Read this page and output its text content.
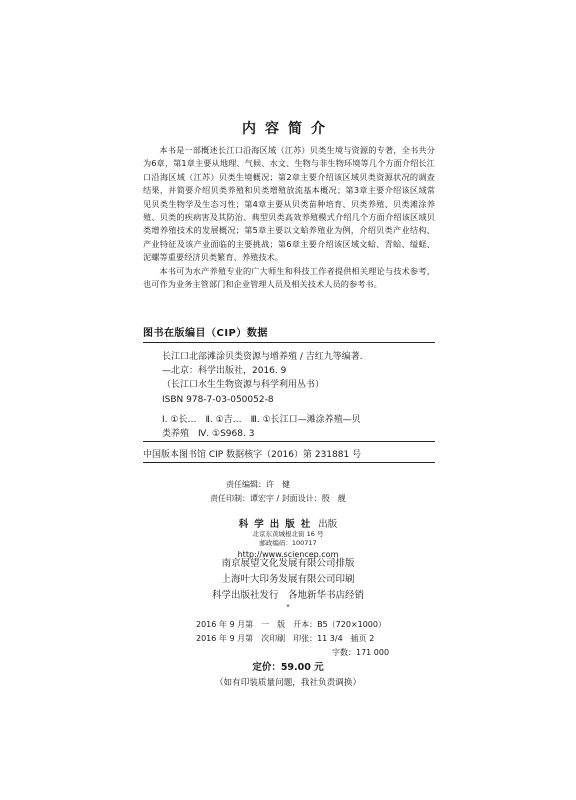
内容简介

本书是一部概述长江口沿海区域（江苏）贝类生境与资源的专著，全书共分为6章，第1章主要从地理、气候、水文、生物与非生物环境等几个方面介绍长江口沿海区域（江苏）贝类生境概况；第2章主要介绍该区域贝类资源状况的调查结果，并简要介绍贝类养殖和贝类增殖放流基本概况；第3章主要介绍该区域常见贝类生物学及生态习性；第4章主要从贝类苗种培育、贝类养殖、贝类滩涂养殖、贝类的疾病害及其防治、典型贝类高效养殖模式介绍几个方面介绍该区域贝类增养殖技术的发展概况；第5章主要以文蛤养殖业为例，介绍贝类产业结构、产业特征及该产业面临的主要挑战；第6章主要介绍该区域文蛤、青蛤、缢蛏、泥螺等重要经济贝类繁育、养殖技术。

本书可为水产养殖专业的广大师生和科技工作者提供相关理论与技术参考，也可作为业务主管部门和企业管理人员及相关技术人员的参考书。

图书在版编目（CIP）数据
长江口北部滩涂贝类资源与增养殖 / 吉红九等编著.
—北京：科学出版社，2016. 9
（长江口水生生物资源与科学利用丛书）
ISBN 978-7-03-050052-8
Ⅰ. ①长…　Ⅱ. ①吉…　Ⅲ. ①长江口—滩涂养殖—贝
类养殖　Ⅳ. ①S968. 3
中国版本图书馆 CIP 数据核字（2016）第 231881 号
责任编辑：许　健
责任印制：谭宏宇 / 封面设计：殷　靓
科学出版社 出版
北京东黄城根北街 16 号
邮政编码：100717
http://www.sciencep.com
南京展望文化发展有限公司排版
上海叶大印务发展有限公司印刷
科学出版社发行　各地新华书店经销
*
2016 年 9 月第　一　版　开本：B5（720×1000）
2016 年 9 月第　次印刷　印张：11 3/4　插页 2
字数：171 000
定价：59.00 元
（如有印装质量问题，我社负责调换）
